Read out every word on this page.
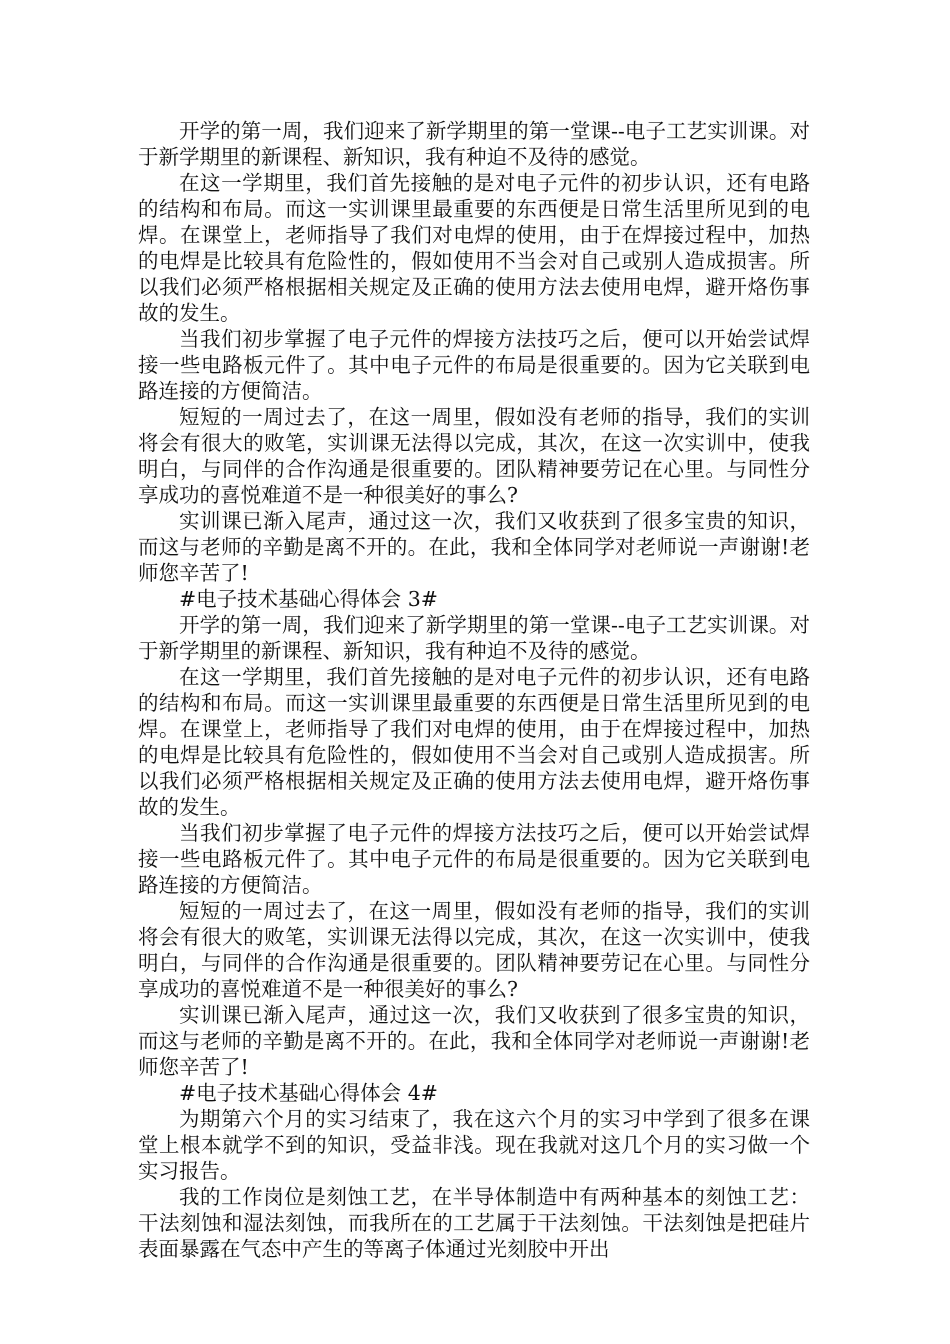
开学的第一周，我们迎来了新学期里的第一堂课--电子工艺实训课。对于新学期里的新课程、新知识，我有种迫不及待的感觉。

在这一学期里，我们首先接触的是对电子元件的初步认识，还有电路的结构和布局。而这一实训课里最重要的东西便是日常生活里所见到的电焊。在课堂上，老师指导了我们对电焊的使用，由于在焊接过程中，加热的电焊是比较具有危险性的，假如使用不当会对自己或别人造成损害。所以我们必须严格根据相关规定及正确的使用方法去使用电焊，避开烙伤事故的发生。

当我们初步掌握了电子元件的焊接方法技巧之后，便可以开始尝试焊接一些电路板元件了。其中电子元件的布局是很重要的。因为它关联到电路连接的方便简洁。

短短的一周过去了，在这一周里，假如没有老师的指导，我们的实训将会有很大的败笔，实训课无法得以完成，其次，在这一次实训中，使我明白，与同伴的合作沟通是很重要的。团队精神要劳记在心里。与同性分享成功的喜悦难道不是一种很美好的事么?

实训课已渐入尾声，通过这一次，我们又收获到了很多宝贵的知识，而这与老师的辛勤是离不开的。在此，我和全体同学对老师说一声谢谢!老师您辛苦了!

#电子技术基础心得体会 3#

开学的第一周，我们迎来了新学期里的第一堂课--电子工艺实训课。对于新学期里的新课程、新知识，我有种迫不及待的感觉。

在这一学期里，我们首先接触的是对电子元件的初步认识，还有电路的结构和布局。而这一实训课里最重要的东西便是日常生活里所见到的电焊。在课堂上，老师指导了我们对电焊的使用，由于在焊接过程中，加热的电焊是比较具有危险性的，假如使用不当会对自己或别人造成损害。所以我们必须严格根据相关规定及正确的使用方法去使用电焊，避开烙伤事故的发生。

当我们初步掌握了电子元件的焊接方法技巧之后，便可以开始尝试焊接一些电路板元件了。其中电子元件的布局是很重要的。因为它关联到电路连接的方便简洁。

短短的一周过去了，在这一周里，假如没有老师的指导，我们的实训将会有很大的败笔，实训课无法得以完成，其次，在这一次实训中，使我明白，与同伴的合作沟通是很重要的。团队精神要劳记在心里。与同性分享成功的喜悦难道不是一种很美好的事么?

实训课已渐入尾声，通过这一次，我们又收获到了很多宝贵的知识，而这与老师的辛勤是离不开的。在此，我和全体同学对老师说一声谢谢!老师您辛苦了!

#电子技术基础心得体会 4#

为期第六个月的实习结束了，我在这六个月的实习中学到了很多在课堂上根本就学不到的知识，受益非浅。现在我就对这几个月的实习做一个实习报告。

我的工作岗位是刻蚀工艺，在半导体制造中有两种基本的刻蚀工艺：干法刻蚀和湿法刻蚀，而我所在的工艺属于干法刻蚀。干法刻蚀是把硅片表面暴露在气态中产生的等离子体通过光刻胶中开出
